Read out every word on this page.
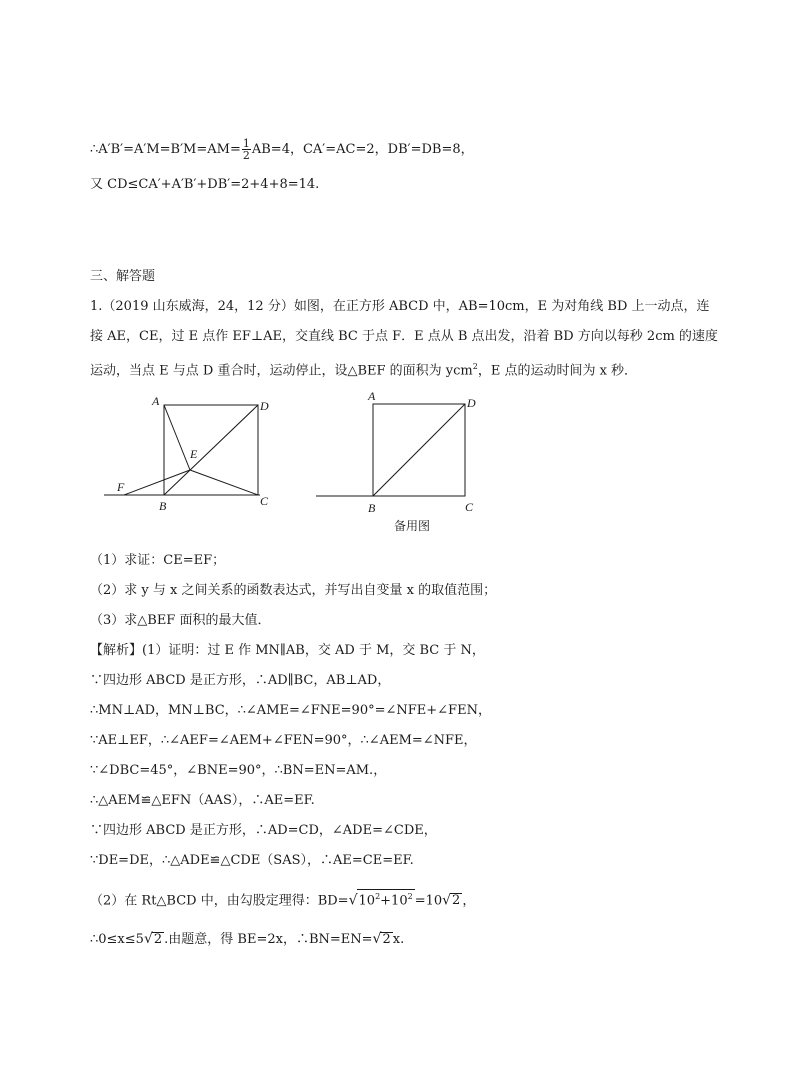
∴A′B′=A′M=B′M=AM= $\frac{1}{2} AB=4$，CA′=AC=2，DB′=DB=8，
又 CD≤CA′+A′B′+DB′=2+4+8=14.
三、解答题
1.（2019 山东威海，24，12 分）如图，在正方形 ABCD 中，AB=10cm，E 为对角线 BD 上一动点，连
接 AE，CE，过 E 点作 EF⊥AE，交直线 BC 于点 F．E 点从 B 点出发，沿着 BD 方向以每秒 2cm 的速度
运动，当点 E 与点 D 重合时，运动停止，设△BEF 的面积为 ycm$^2$，E 点的运动时间为 x 秒．
A	D
E
F
B	C
A	D
B	C
备用图
（1）求证：CE=EF；
（2）求 y 与 x 之间关系的函数表达式，并写出自变量 x 的取值范围；
（3）求△BEF 面积的最大值．
【解析】(1）证明：过 E 作 MN∥AB，交 AD 于 M，交 BC 于 N，
∵四边形 ABCD 是正方形，∴AD∥BC，AB⊥AD，
∴MN⊥AD，MN⊥BC，∴∠AME=∠FNE=90°=∠NFE+∠FEN，
∵AE⊥EF，∴∠AEF=∠AEM+∠FEN=90°，∴∠AEM=∠NFE，
∵∠DBC=45°，∠BNE=90°，∴BN=EN=AM.，
∴△AEM≌△EFN（AAS），∴AE=EF.
∵四边形 ABCD 是正方形，∴AD=CD，∠ADE=∠CDE，
∵DE=DE，∴△ADE≌△CDE（SAS），∴AE=CE=EF.
（2）在 Rt△BCD 中，由勾股定理得：$BD=√10^2+10^2 =10√2$ ，
∴0≤x≤5√2 .由题意，得 BE=2x，∴BN=EN=√2 x.
